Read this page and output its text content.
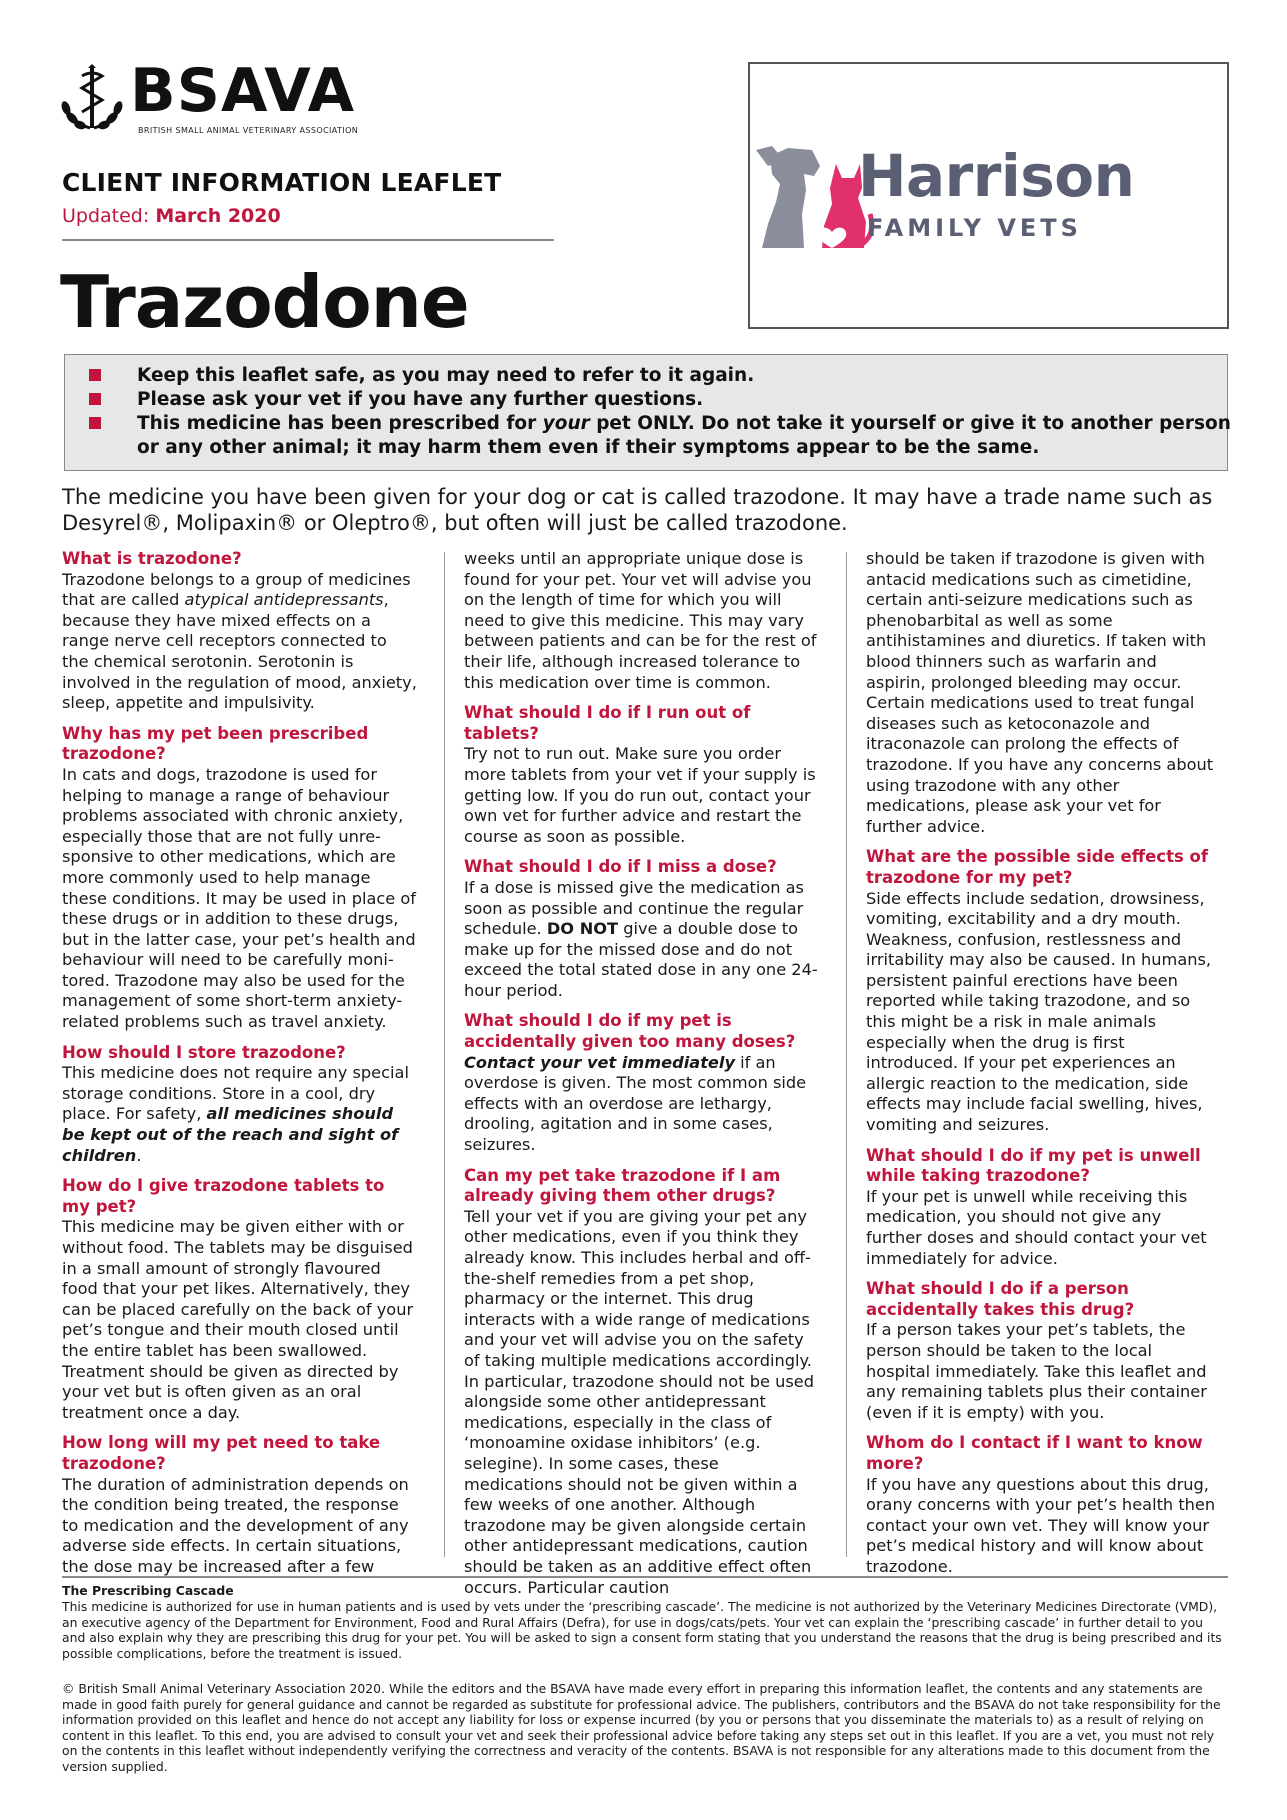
BSAVA
BRITISH SMALL ANIMAL VETERINARY ASSOCIATION
CLIENT INFORMATION LEAFLET
Updated: March 2020
Trazodone
Harrison
FAMILY VETS
Keep this leaflet safe, as you may need to refer to it again.
Please ask your vet if you have any further questions.
This medicine has been prescribed for your pet ONLY. Do not take it yourself or give it to another person
or any other animal; it may harm them even if their symptoms appear to be the same.
The medicine you have been given for your dog or cat is called trazodone. It may have a trade name such as Desyrel®, Molipaxin® or Oleptro®, but often will just be called trazodone.
What is trazodone?

Trazodone belongs to a group of medicines that are called atypical antidepressants, because they have mixed effects on a range nerve cell receptors connected to the chemical serotonin. Serotonin is involved in the regulation of mood, anxiety, sleep, appetite and impulsivity.

Why has my pet been prescribed trazodone?

In cats and dogs, trazodone is used for helping to manage a range of behaviour problems associated with chronic anxiety, especially those that are not fully unre-sponsive to other medications, which are more commonly used to help manage these conditions. It may be used in place of these drugs or in addition to these drugs, but in the latter case, your pet’s health and behaviour will need to be carefully moni-tored. Trazodone may also be used for the management of some short-term anxiety-related problems such as travel anxiety.

How should I store trazodone?

This medicine does not require any special storage conditions. Store in a cool, dry place. For safety, all medicines should be kept out of the reach and sight of children.

How do I give trazodone tablets to my pet?

This medicine may be given either with or without food. The tablets may be disguised in a small amount of strongly flavoured food that your pet likes. Alternatively, they can be placed carefully on the back of your pet’s tongue and their mouth closed until the entire tablet has been swallowed. Treatment should be given as directed by your vet but is often given as an oral treatment once a day.

How long will my pet need to take trazodone?

The duration of administration depends on the condition being treated, the response to medication and the development of any adverse side effects. In certain situations, the dose may be increased after a few

weeks until an appropriate unique dose is found for your pet. Your vet will advise you on the length of time for which you will need to give this medicine. This may vary between patients and can be for the rest of their life, although increased tolerance to this medication over time is common.

What should I do if I run out of tablets?

Try not to run out. Make sure you order more tablets from your vet if your supply is getting low. If you do run out, contact your own vet for further advice and restart the course as soon as possible.

What should I do if I miss a dose?

If a dose is missed give the medication as soon as possible and continue the regular schedule. DO NOT give a double dose to make up for the missed dose and do not exceed the total stated dose in any one 24-hour period.

What should I do if my pet is accidentally given too many doses?

Contact your vet immediately if an overdose is given. The most common side effects with an overdose are lethargy, drooling, agitation and in some cases, seizures.

Can my pet take trazodone if I am already giving them other drugs?

Tell your vet if you are giving your pet any other medications, even if you think they already know. This includes herbal and off-the-shelf remedies from a pet shop, pharmacy or the internet. This drug interacts with a wide range of medications and your vet will advise you on the safety of taking multiple medications accordingly. In particular, trazodone should not be used alongside some other antidepressant medications, especially in the class of ‘monoamine oxidase inhibitors’ (e.g. selegine). In some cases, these medications should not be given within a few weeks of one another. Although trazodone may be given alongside certain other antidepressant medications, caution should be taken as an additive effect often occurs. Particular caution

should be taken if trazodone is given with antacid medications such as cimetidine, certain anti-seizure medications such as phenobarbital as well as some antihistamines and diuretics. If taken with blood thinners such as warfarin and aspirin, prolonged bleeding may occur. Certain medications used to treat fungal diseases such as ketoconazole and itraconazole can prolong the effects of trazodone. If you have any concerns about using trazodone with any other medications, please ask your vet for further advice.

What are the possible side effects of trazodone for my pet?

Side effects include sedation, drowsiness, vomiting, excitability and a dry mouth. Weakness, confusion, restlessness and irritability may also be caused. In humans, persistent painful erections have been reported while taking trazodone, and so this might be a risk in male animals especially when the drug is first introduced. If your pet experiences an allergic reaction to the medication, side effects may include facial swelling, hives, vomiting and seizures.

What should I do if my pet is unwell while taking trazodone?

If your pet is unwell while receiving this medication, you should not give any further doses and should contact your vet immediately for advice.

What should I do if a person accidentally takes this drug?

If a person takes your pet’s tablets, the person should be taken to the local hospital immediately. Take this leaflet and any remaining tablets plus their container (even if it is empty) with you.

Whom do I contact if I want to know more?

If you have any questions about this drug, orany concerns with your pet’s health then contact your own vet. They will know your pet’s medical history and will know about trazodone.

The Prescribing Cascade
This medicine is authorized for use in human patients and is used by vets under the ‘prescribing cascade’. The medicine is not authorized by the Veterinary Medicines Directorate (VMD), an executive agency of the Department for Environment, Food and Rural Affairs (Defra), for use in dogs/cats/pets. Your vet can explain the ‘prescribing cascade’ in further detail to you and also explain why they are prescribing this drug for your pet. You will be asked to sign a consent form stating that you understand the reasons that the drug is being prescribed and its possible complications, before the treatment is issued.
© British Small Animal Veterinary Association 2020. While the editors and the BSAVA have made every effort in preparing this information leaflet, the contents and any statements are made in good faith purely for general guidance and cannot be regarded as substitute for professional advice. The publishers, contributors and the BSAVA do not take responsibility for the information provided on this leaflet and hence do not accept any liability for loss or expense incurred (by you or persons that you disseminate the materials to) as a result of relying on content in this leaflet. To this end, you are advised to consult your vet and seek their professional advice before taking any steps set out in this leaflet. If you are a vet, you must not rely on the contents in this leaflet without independently verifying the correctness and veracity of the contents. BSAVA is not responsible for any alterations made to this document from the version supplied.
